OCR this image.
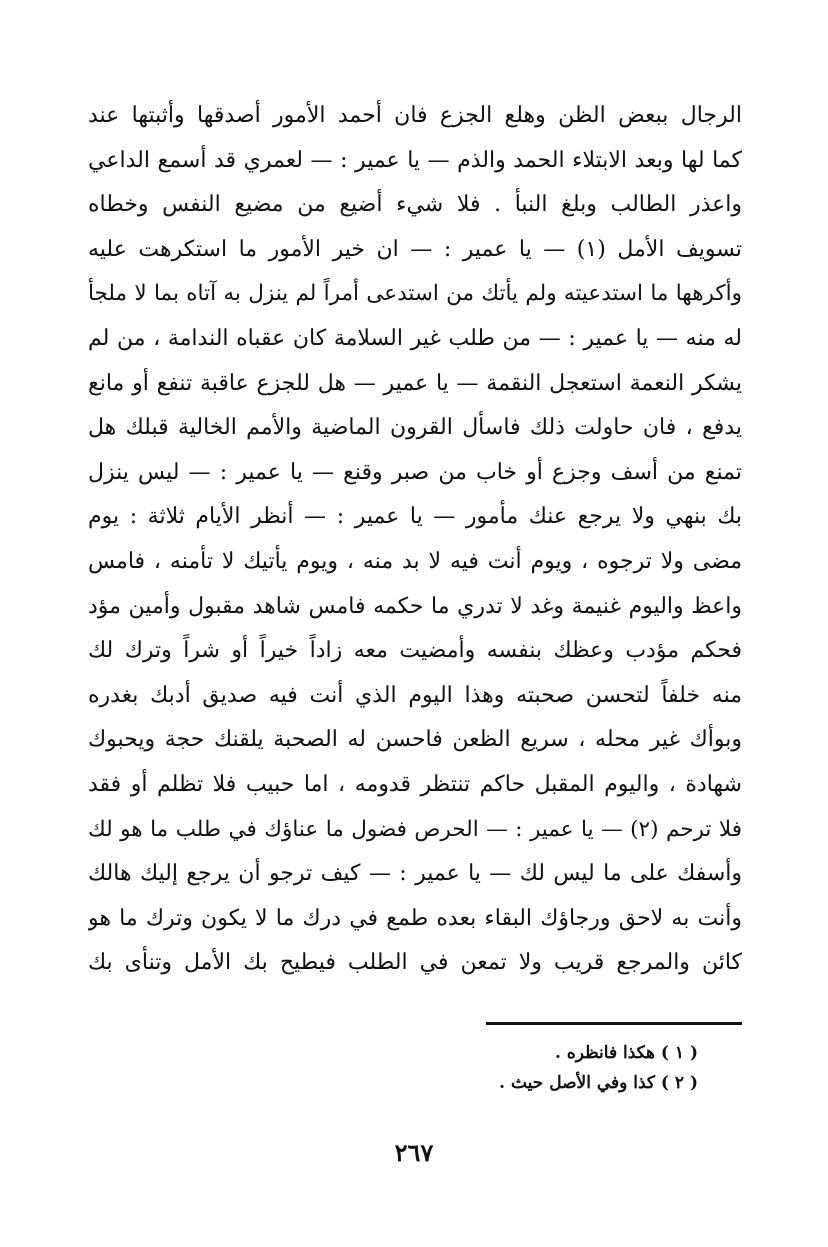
الرجال ببعض الظن وهلع الجزع فان أحمد الأمور أصدقها وأثبتها عند
كما لها وبعد الابتلاء الحمد والذم — يا عمير : — لعمري قد أسمع الداعي
واعذر الطالب وبلغ النبأ . فلا شيء أضيع من مضيع النفس وخطاه
تسويف الأمل (١) — يا عمير : — ان خير الأمور ما استكرهت عليه
وأكرهها ما استدعيته ولم يأتك من استدعى أمراً لم ينزل به آتاه بما لا ملجأ
له منه — يا عمير : — من طلب غير السلامة كان عقباه الندامة ، من لم
يشكر النعمة استعجل النقمة — يا عمير — هل للجزع عاقبة تنفع أو مانع
يدفع ، فان حاولت ذلك فاسأل القرون الماضية والأمم الخالية قبلك هل
تمنع من أسف وجزع أو خاب من صبر وقنع — يا عمير : — ليس ينزل
بك بنهي ولا يرجع عنك مأمور — يا عمير : — أنظر الأيام ثلاثة : يوم
مضى ولا ترجوه ، ويوم أنت فيه لا بد منه ، ويوم يأتيك لا تأمنه ، فامس
واعظ واليوم غنيمة وغد لا تدري ما حكمه فامس شاهد مقبول وأمين مؤد
فحكم مؤدب وعظك بنفسه وأمضيت معه زاداً خيراً أو شراً وترك لك
منه خلفاً لتحسن صحبته وهذا اليوم الذي أنت فيه صديق أدبك بغدره
وبوأك غير محله ، سريع الظعن فاحسن له الصحبة يلقنك حجة ويحبوك
شهادة ، واليوم المقبل حاكم تنتظر قدومه ، اما حبيب فلا تظلم أو فقد
فلا ترحم (٢) — يا عمير : — الحرص فضول ما عناؤك في طلب ما هو لك
وأسفك على ما ليس لك — يا عمير : — كيف ترجو أن يرجع إليك هالك
وأنت به لاحق ورجاؤك البقاء بعده طمع في درك ما لا يكون وترك ما هو
كائن والمرجع قريب ولا تمعن في الطلب فيطيح بك الأمل وتنأى بك
( ١ ) هكذا فانظره .
( ٢ ) كذا وفي الأصل حيث .
٢٦٧
